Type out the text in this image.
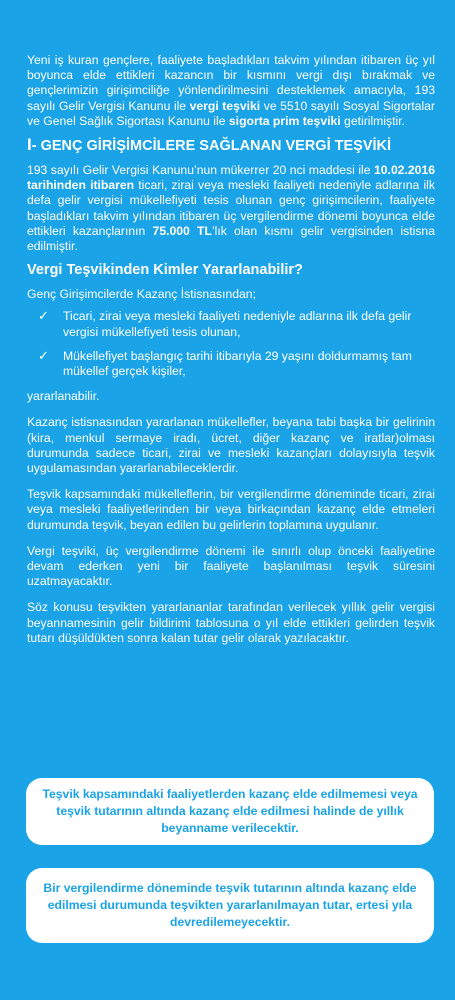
Yeni iş kuran gençlere, faaliyete başladıkları takvim yılından itibaren üç yıl boyunca elde ettikleri kazancın bir kısmını vergi dışı bırakmak ve gençlerimizin girişimciliğe yönlendirilmesini desteklemek amacıyla, 193 sayılı Gelir Vergisi Kanunu ile vergi teşviki ve 5510 sayılı Sosyal Sigortalar ve Genel Sağlık Sigortası Kanunu ile sigorta prim teşviki getirilmiştir.

I- GENÇ GİRİŞİMCİLERE SAĞLANAN VERGİ TEŞVİKİ

193 sayılı Gelir Vergisi Kanunu’nun mükerrer 20 nci maddesi ile 10.02.2016 tarihinden itibaren ticari, zirai veya mesleki faaliyeti nedeniyle adlarına ilk defa gelir vergisi mükellefiyeti tesis olunan genç girişimcilerin, faaliyete başladıkları takvim yılından itibaren üç vergilendirme dönemi boyunca elde ettikleri kazançlarının 75.000 TL’lık olan kısmı gelir vergisinden istisna edilmiştir.

Vergi Teşvikinden Kimler Yararlanabilir?

Genç Girişimcilerde Kazanç İstisnasından;

✓ Ticari, zirai veya mesleki faaliyeti nedeniyle adlarına ilk defa gelir vergisi mükellefiyeti tesis olunan,
✓ Mükellefiyet başlangıç tarihi itibarıyla 29 yaşını doldurmamış tam mükellef gerçek kişiler,

yararlanabilir.

Kazanç istisnasından yararlanan mükellefler, beyana tabi başka bir gelirinin (kira, menkul sermaye iradı, ücret, diğer kazanç ve iratlar)olması durumunda sadece ticari, zirai ve mesleki kazançları dolayısıyla teşvik uygulamasından yararlanabileceklerdir.

Teşvik kapsamındaki mükelleflerin, bir vergilendirme döneminde ticari, zirai veya mesleki faaliyetlerinden bir veya birkaçından kazanç elde etmeleri durumunda teşvik, beyan edilen bu gelirlerin toplamına uygulanır.

Vergi teşviki, üç vergilendirme dönemi ile sınırlı olup önceki faaliyetine devam ederken yeni bir faaliyete başlanılması teşvik süresini uzatmayacaktır.

Söz konusu teşvikten yararlananlar tarafından verilecek yıllık gelir vergisi beyannamesinin gelir bildirimi tablosuna o yıl elde ettikleri gelirden teşvik tutarı düşüldükten sonra kalan tutar gelir olarak yazılacaktır.

Teşvik kapsamındaki faaliyetlerden kazanç elde edilmemesi veya teşvik tutarının altında kazanç elde edilmesi halinde de yıllık beyanname verilecektir.
Bir vergilendirme döneminde teşvik tutarının altında kazanç elde edilmesi durumunda teşvikten yararlanılmayan tutar, ertesi yıla devredilemeyecektir.
